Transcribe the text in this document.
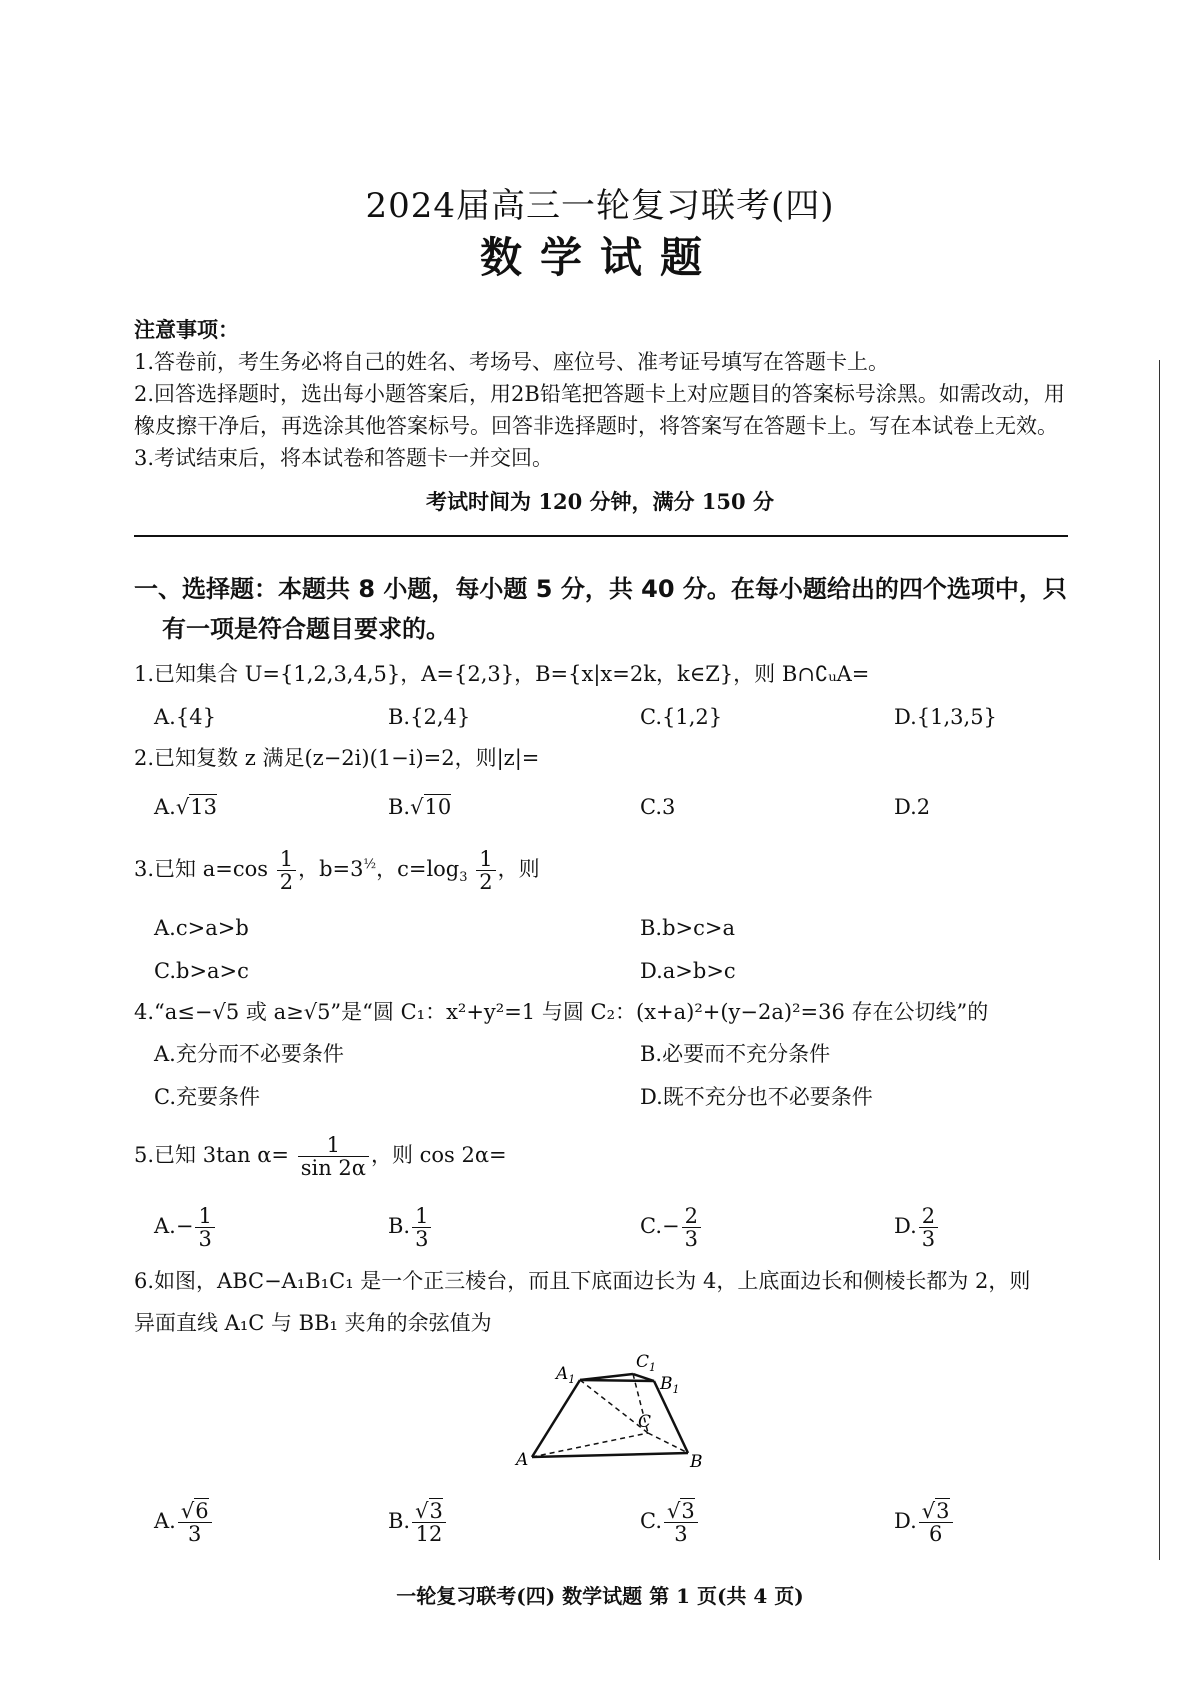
2024届高三一轮复习联考(四)
数学试题
注意事项：
1.答卷前，考生务必将自己的姓名、考场号、座位号、准考证号填写在答题卡上。
2.回答选择题时，选出每小题答案后，用2B铅笔把答题卡上对应题目的答案标号涂黑。如需改动，用
橡皮擦干净后，再选涂其他答案标号。回答非选择题时，将答案写在答题卡上。写在本试卷上无效。
3.考试结束后，将本试卷和答题卡一并交回。
考试时间为 120 分钟，满分 150 分
一、选择题：本题共 8 小题，每小题 5 分，共 40 分。在每小题给出的四个选项中，只
有一项是符合题目要求的。
1.已知集合 U={1,2,3,4,5}，A={2,3}，B={x|x=2k，k∈Z}，则 B∩∁ᵤA=
A.{4}	B.{2,4}	C.{1,2}	D.{1,3,5}
2.已知复数 z 满足(z−2i)(1−i)=2，则|z|=
A.√13	B.√10	C.3	D.2
3.已知 $a=\cos \frac{1}{2}$ ，$b=3^{\frac{1}{2}}$，$c=\log_3 \frac{1}{2}$ ，则
A.c>a>b	B.b>c>a
C.b>a>c	D.a>b>c
4.“a≤−√5 或 a≥√5”是“圆 C₁：x²+y²=1 与圆 C₂：(x+a)²+(y−2a)²=36 存在公切线”的
A.充分而不必要条件	B.必要而不充分条件
C.充要条件	D.既不充分也不必要条件
5.已知 3tan $\alpha= \frac{1}{\sin 2\alpha}$ ，则 cos 2α=
$A.- \frac{1}{3}$	B. $\frac{1}{3}$	$C.- \frac{2}{3}$	D. $\frac{2}{3}$
6.如图，ABC−A₁B₁C₁ 是一个正三棱台，而且下底面边长为 4，上底面边长和侧棱长都为 2，则
异面直线 A₁C 与 BB₁ 夹角的余弦值为
$A_1$
$C_1$
$B_1$
C
A	B
A. $\frac{√6}{3}$	B. $\frac{√3}{12}$	C. $\frac{√3}{3}$	D. $\frac{√3}{6}$
一轮复习联考(四) 数学试题 第 1 页(共 4 页)
